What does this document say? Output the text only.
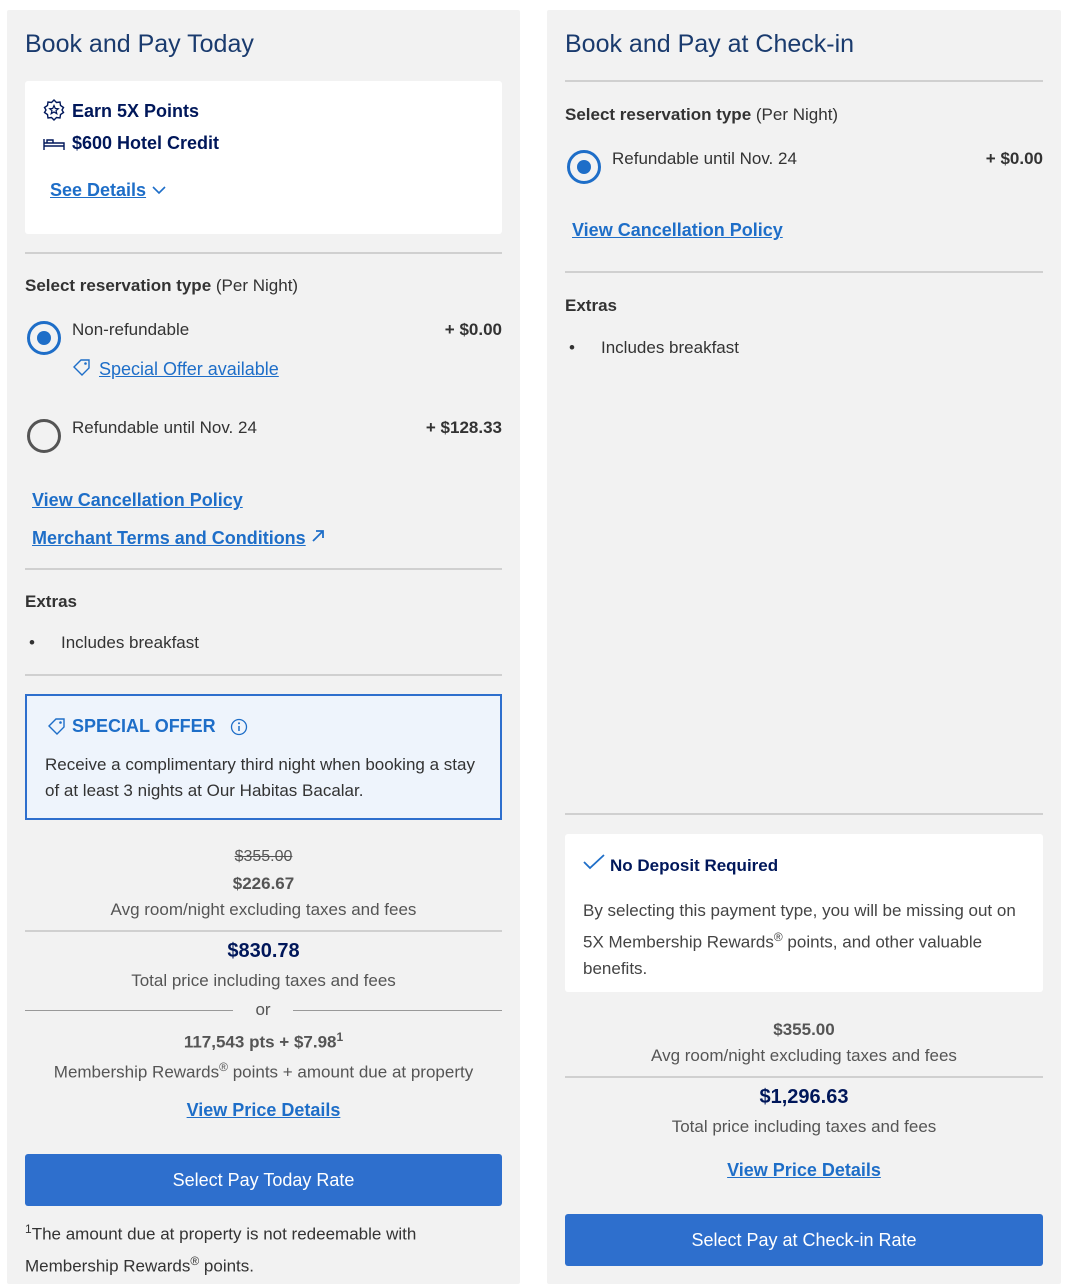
Book and Pay Today
Earn 5X Points
$600 Hotel Credit
See Details
Select reservation type (Per Night)
Non-refundable	+ $0.00
Special Offer available
Refundable until Nov. 24	+ $128.33
View Cancellation Policy
Merchant Terms and Conditions
Extras
• Includes breakfast
SPECIAL OFFER
Receive a complimentary third night when booking a stay of at least 3 nights at Our Habitas Bacalar.
$355.00
$226.67
Avg room/night excluding taxes and fees
$830.78
Total price including taxes and fees
or
117,543 pts + $\$7.98^1$
Membership Rewards® points + amount due at property
View Price Details
Select Pay Today Rate
$^1$The amount due at property is not redeemable with
Membership Rewards® points.
Book and Pay at Check-in
Select reservation type (Per Night)
Refundable until Nov. 24	+ $0.00
View Cancellation Policy
Extras
• Includes breakfast
No Deposit Required
By selecting this payment type, you will be missing out on 5X Membership Rewards® points, and other valuable benefits.
$355.00
Avg room/night excluding taxes and fees
$1,296.63
Total price including taxes and fees
View Price Details
Select Pay at Check-in Rate
